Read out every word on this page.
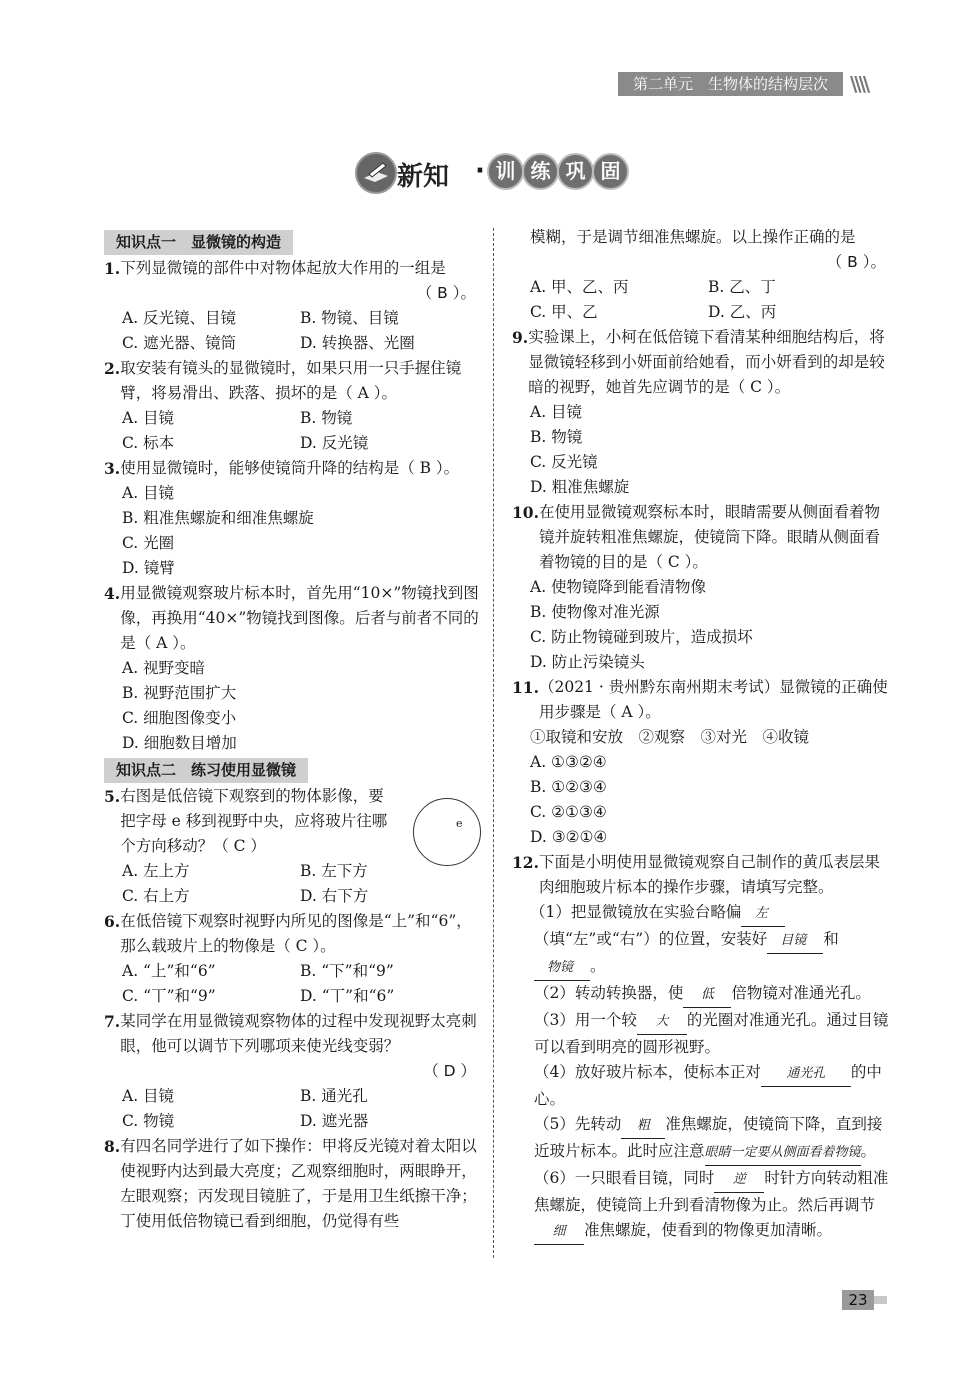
第二单元　生物体的结构层次	\\\\
新知 · 训 练 巩 固
知识点一　显微镜的构造
1. 下列显微镜的部件中对物体起放大作用的一组是
（ B ）。
A. 反光镜、目镜	B. 物镜、目镜
C. 遮光器、镜筒	D. 转换器、光圈
2. 取安装有镜头的显微镜时，如果只用一只手握住镜臂，将易滑出、跌落、损坏的是（ A ）。
A. 目镜	B. 物镜
C. 标本	D. 反光镜
3. 使用显微镜时，能够使镜筒升降的结构是（ B ）。
A. 目镜
B. 粗准焦螺旋和细准焦螺旋
C. 光圈
D. 镜臂
4. 用显微镜观察玻片标本时，首先用“10×”物镜找到图像，再换用“40×”物镜找到图像。后者与前者不同的是（ A ）。
A. 视野变暗
B. 视野范围扩大
C. 细胞图像变小
D. 细胞数目增加
知识点二　练习使用显微镜
5. 右图是低倍镜下观察到的物体影像，要把字母 e 移到视野中央，应将玻片往哪个方向移动？（ C ）
A. 左上方	B. 左下方
C. 右上方	D. 右下方
6. 在低倍镜下观察时视野内所见的图像是“上”和“6”，那么载玻片上的物像是（ C ）。
A. “上”和“6”	B. “下”和“9”
C. “丅”和“9”	D. “丅”和“6”
7. 某同学在用显微镜观察物体的过程中发现视野太亮刺眼，他可以调节下列哪项来使光线变弱？
（ D ）
A. 目镜	B. 通光孔
C. 物镜	D. 遮光器
8. 有四名同学进行了如下操作：甲将反光镜对着太阳以使视野内达到最大亮度；乙观察细胞时，两眼睁开，左眼观察；丙发现目镜脏了，于是用卫生纸擦干净；丁使用低倍物镜已看到细胞，仍觉得有些
e
模糊，于是调节细准焦螺旋。以上操作正确的是
（ B ）。
A. 甲、乙、丙	B. 乙、丁
C. 甲、乙	D. 乙、丙
9. 实验课上，小柯在低倍镜下看清某种细胞结构后，将显微镜轻移到小妍面前给她看，而小妍看到的却是较暗的视野，她首先应调节的是（ C ）。
A. 目镜
B. 物镜
C. 反光镜
D. 粗准焦螺旋
10. 在使用显微镜观察标本时，眼睛需要从侧面看着物镜并旋转粗准焦螺旋，使镜筒下降。眼睛从侧面看着物镜的目的是（ C ）。
A. 使物镜降到能看清物像
B. 使物像对准光源
C. 防止物镜碰到玻片，造成损坏
D. 防止污染镜头
11. （2021 · 贵州黔东南州期末考试）显微镜的正确使用步骤是（ A ）。
①取镜和安放　②观察　③对光　④收镜
A. ①③②④
B. ①②③④
C. ②①③④
D. ③②①④
12. 下面是小明使用显微镜观察自己制作的黄瓜表层果肉细胞玻片标本的操作步骤，请填写完整。
（1）把显微镜放在实验台略偏 左（填“左”或“右”）的位置，安装好 目镜 和物镜 。
（2）转动转换器，使 低 倍物镜对准通光孔。
（3）用一个较 大 的光圈对准通光孔。通过目镜可以看到明亮的圆形视野。
（4）放好玻片标本，使标本正对 通光孔 的中心。
（5）先转动 粗 准焦螺旋，使镜筒下降，直到接近玻片标本。此时应注意眼睛一定要从侧面看着物镜。
（6）一只眼看目镜，同时 逆 时针方向转动粗准焦螺旋，使镜筒上升到看清物像为止。然后再调节细 准焦螺旋，使看到的物像更加清晰。
23
